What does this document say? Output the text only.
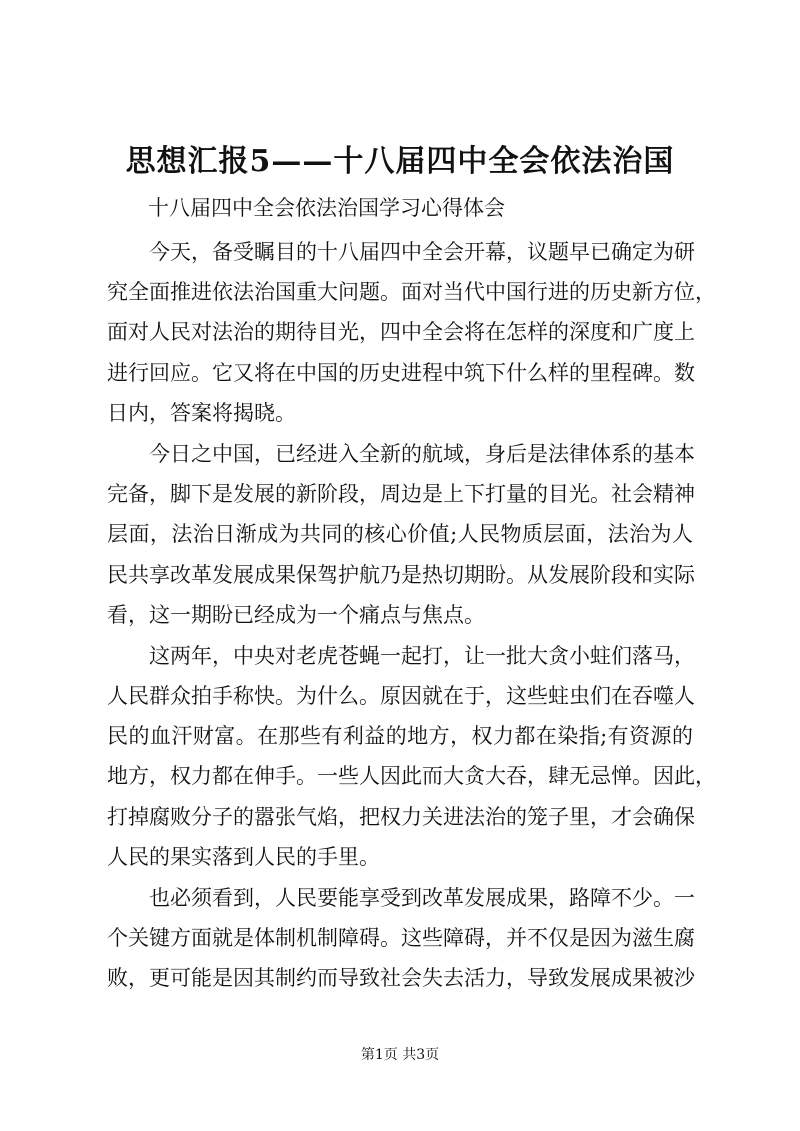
思想汇报5——十八届四中全会依法治国
十八届四中全会依法治国学习心得体会
今天，备受瞩目的十八届四中全会开幕，议题早已确定为研
究全面推进依法治国重大问题。面对当代中国行进的历史新方位，
面对人民对法治的期待目光，四中全会将在怎样的深度和广度上
进行回应。它又将在中国的历史进程中筑下什么样的里程碑。数
日内，答案将揭晓。
今日之中国，已经进入全新的航域，身后是法律体系的基本
完备，脚下是发展的新阶段，周边是上下打量的目光。社会精神
层面，法治日渐成为共同的核心价值;人民物质层面，法治为人
民共享改革发展成果保驾护航乃是热切期盼。从发展阶段和实际
看，这一期盼已经成为一个痛点与焦点。
这两年，中央对老虎苍蝇一起打，让一批大贪小蛀们落马，
人民群众拍手称快。为什么。原因就在于，这些蛀虫们在吞噬人
民的血汗财富。在那些有利益的地方，权力都在染指;有资源的
地方，权力都在伸手。一些人因此而大贪大吞，肆无忌惮。因此，
打掉腐败分子的嚣张气焰，把权力关进法治的笼子里，才会确保
人民的果实落到人民的手里。
也必须看到，人民要能享受到改革发展成果，路障不少。一
个关键方面就是体制机制障碍。这些障碍，并不仅是因为滋生腐
败，更可能是因其制约而导致社会失去活力，导致发展成果被沙
第1页 共3页
